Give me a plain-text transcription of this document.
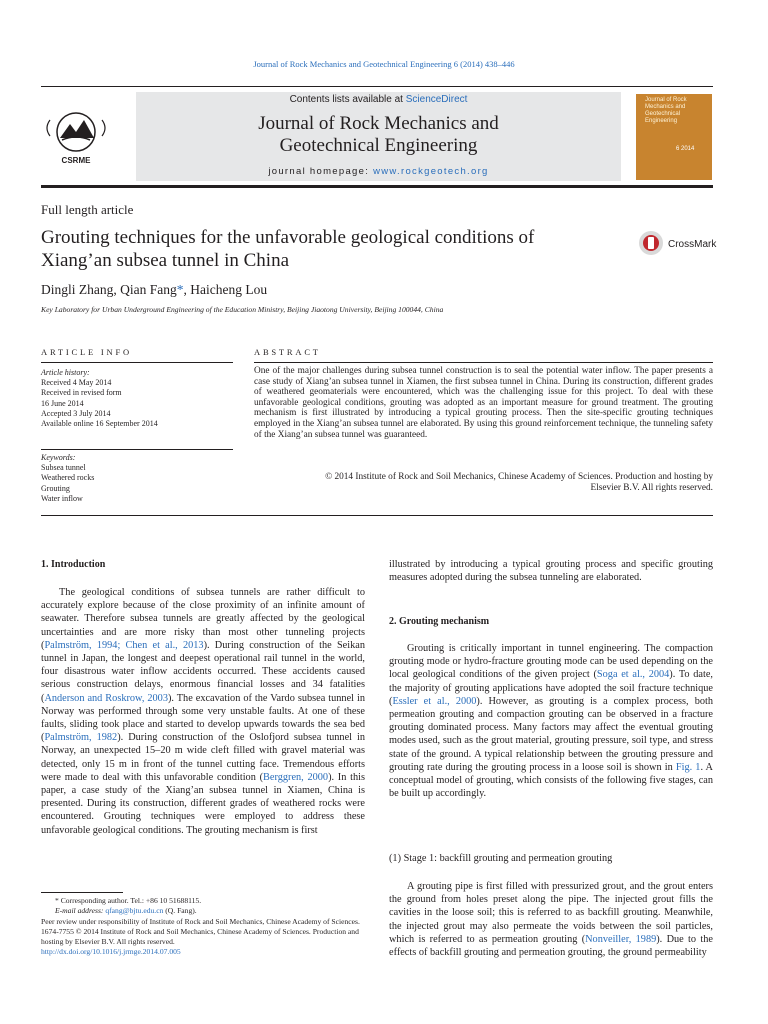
Journal of Rock Mechanics and Geotechnical Engineering 6 (2014) 438–446
CSRME
Contents lists available at ScienceDirect
Journal of Rock Mechanics and
Geotechnical Engineering
journal homepage: www.rockgeotech.org
Journal of Rock Mechanics and Geotechnical Engineering
6 2014
Full length article
Grouting techniques for the unfavorable geological conditions of Xiang’an subsea tunnel in China
CrossMark
Dingli Zhang, Qian Fang*, Haicheng Lou
Key Laboratory for Urban Underground Engineering of the Education Ministry, Beijing Jiaotong University, Beijing 100044, China
ARTICLE INFO	ABSTRACT
Article history:
Received 4 May 2014
Received in revised form
16 June 2014
Accepted 3 July 2014
Available online 16 September 2014
Keywords:
Subsea tunnel
Weathered rocks
Grouting
Water inflow
One of the major challenges during subsea tunnel construction is to seal the potential water inflow. The paper presents a case study of Xiang’an subsea tunnel in Xiamen, the first subsea tunnel in China. During its construction, different grades of weathered geomaterials were encountered, which was the challenging issue for this project. To deal with these unfavorable geological conditions, grouting was adopted as an important measure for ground treatment. The grouting mechanism is first illustrated by introducing a typical grouting process. Then the site-specific grouting techniques employed in the Xiang’an subsea tunnel are elaborated. By using this ground reinforcement technique, the tunneling safety of the Xiang’an subsea tunnel was guaranteed.
© 2014 Institute of Rock and Soil Mechanics, Chinese Academy of Sciences. Production and hosting by
Elsevier B.V. All rights reserved.
1. Introduction

The geological conditions of subsea tunnels are rather difficult to accurately explore because of the close proximity of an infinite amount of seawater. Therefore subsea tunnels are greatly affected by the geological uncertainties and are more risky than most other tunneling projects (Palmström, 1994; Chen et al., 2013). During construction of the Seikan tunnel in Japan, the longest and deepest operational rail tunnel in the world, four disastrous water inflow accidents occurred. These accidents caused serious construction delays, enormous financial losses and 34 fatalities (Anderson and Roskrow, 2003). The excavation of the Vardo subsea tunnel in Norway was performed through some very unstable faults. At one of these faults, sliding took place and started to develop upwards towards the sea bed (Palmström, 1982). During construction of the Oslofjord subsea tunnel in Norway, an unexpected 15–20 m wide cleft filled with gravel material was detected, only 15 m in front of the tunnel cutting face. Tremendous efforts were made to deal with this unfavorable condition (Berggren, 2000). In this paper, a case study of the Xiang’an subsea tunnel in Xiamen, China is presented. During its construction, different grades of weathered rocks were encountered. Grouting techniques were employed to address these unfavorable geological conditions. The grouting mechanism is first

* Corresponding author. Tel.: +86 10 51688115.
E-mail address: qfang@bjtu.edu.cn (Q. Fang).
Peer review under responsibility of Institute of Rock and Soil Mechanics, Chinese Academy of Sciences.
1674-7755 © 2014 Institute of Rock and Soil Mechanics, Chinese Academy of Sciences. Production and hosting by Elsevier B.V. All rights reserved.
http://dx.doi.org/10.1016/j.jrmge.2014.07.005

illustrated by introducing a typical grouting process and specific grouting measures adopted during the subsea tunneling are elaborated.

2. Grouting mechanism

Grouting is critically important in tunnel engineering. The compaction grouting mode or hydro-fracture grouting mode can be used depending on the local geological conditions of the given project (Soga et al., 2004). To date, the majority of grouting applications have adopted the soil fracture technique (Essler et al., 2000). However, as grouting is a complex process, both permeation grouting and compaction grouting can be observed in a fracture grouting dominated process. Many factors may affect the eventual grouting modes used, such as the grout material, grouting pressure, soil type, and stress state of the ground. A typical relationship between the grouting pressure and grouting rate during the grouting process in a loose soil is shown in Fig. 1. A conceptual model of grouting, which consists of the following five stages, can be built up accordingly.

(1) Stage 1: backfill grouting and permeation grouting

A grouting pipe is first filled with pressurized grout, and the grout enters the ground from holes preset along the pipe. The injected grout fills the cavities in the loose soil; this is referred to as backfill grouting. Meanwhile, the injected grout may also permeate the voids between the soil particles, which is referred to as permeation grouting (Nonveiller, 1989). Due to the effects of backfill grouting and permeation grouting, the ground permeability
